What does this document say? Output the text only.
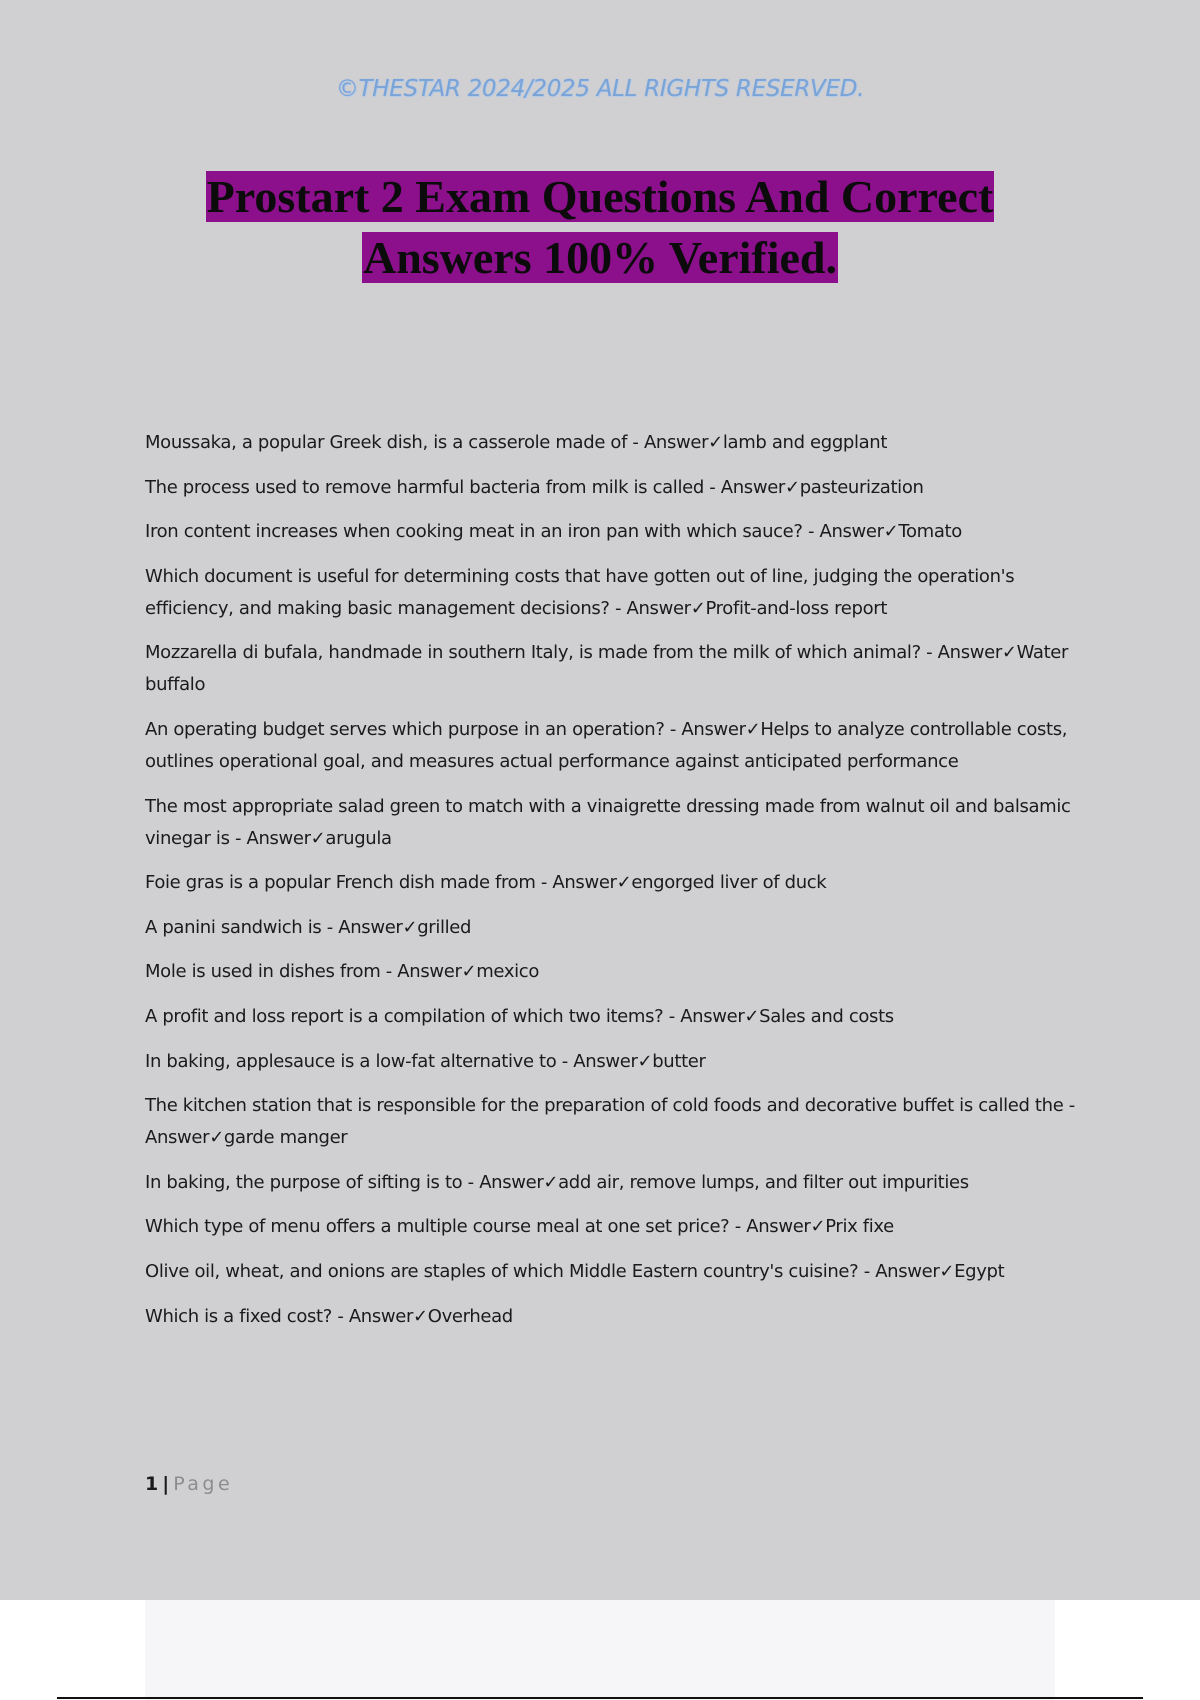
©THESTAR 2024/2025 ALL RIGHTS RESERVED.
Prostart 2 Exam Questions And Correct
Answers 100% Verified.
Moussaka, a popular Greek dish, is a casserole made of - Answer✓lamb and eggplant
The process used to remove harmful bacteria from milk is called - Answer✓pasteurization
Iron content increases when cooking meat in an iron pan with which sauce? - Answer✓Tomato
Which document is useful for determining costs that have gotten out of line, judging the operation's efficiency, and making basic management decisions? - Answer✓Profit-and-loss report
Mozzarella di bufala, handmade in southern Italy, is made from the milk of which animal? - Answer✓Water buffalo
An operating budget serves which purpose in an operation? - Answer✓Helps to analyze controllable costs, outlines operational goal, and measures actual performance against anticipated performance
The most appropriate salad green to match with a vinaigrette dressing made from walnut oil and balsamic vinegar is - Answer✓arugula
Foie gras is a popular French dish made from - Answer✓engorged liver of duck
A panini sandwich is - Answer✓grilled
Mole is used in dishes from - Answer✓mexico
A profit and loss report is a compilation of which two items? - Answer✓Sales and costs
In baking, applesauce is a low-fat alternative to - Answer✓butter
The kitchen station that is responsible for the preparation of cold foods and decorative buffet is called the - Answer✓garde manger
In baking, the purpose of sifting is to - Answer✓add air, remove lumps, and filter out impurities
Which type of menu offers a multiple course meal at one set price? - Answer✓Prix fixe
Olive oil, wheat, and onions are staples of which Middle Eastern country's cuisine? - Answer✓Egypt
Which is a fixed cost? - Answer✓Overhead
1 | Page
